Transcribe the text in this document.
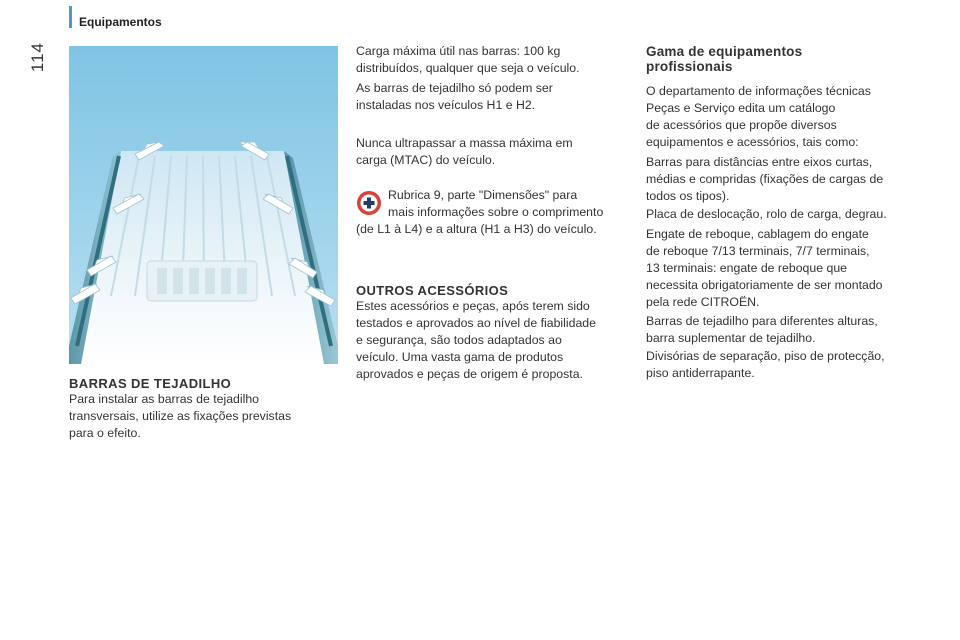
Equipamentos
114

BARRAS DE TEJADILHO

Para instalar as barras de tejadilho

transversais, utilize as fixações previstas

para o efeito.

Carga máxima útil nas barras: 100 kg

distribuídos, qualquer que seja o veículo.

As barras de tejadilho só podem ser

instaladas nos veículos H1 e H2.

Nunca ultrapassar a massa máxima em

carga (MTAC) do veículo.

Rubrica 9, parte "Dimensões" para

mais informações sobre o comprimento

(de L1 à L4) e a altura (H1 a H3) do veículo.

OUTROS ACESSÓRIOS

Estes acessórios e peças, após terem sido

testados e aprovados ao nível de fiabilidade

e segurança, são todos adaptados ao

veículo. Uma vasta gama de produtos

aprovados e peças de origem é proposta.

Gama de equipamentos

profissionais

O departamento de informações técnicas

Peças e Serviço edita um catálogo

de acessórios que propõe diversos

equipamentos e acessórios, tais como:

Barras para distâncias entre eixos curtas,

médias e compridas (fixações de cargas de

todos os tipos).

Placa de deslocação, rolo de carga, degrau.

Engate de reboque, cablagem do engate

de reboque 7/13 terminais, 7/7 terminais,

13 terminais: engate de reboque que

necessita obrigatoriamente de ser montado

pela rede CITROËN.

Barras de tejadilho para diferentes alturas,

barra suplementar de tejadilho.

Divisórias de separação, piso de protecção,

piso antiderrapante.
